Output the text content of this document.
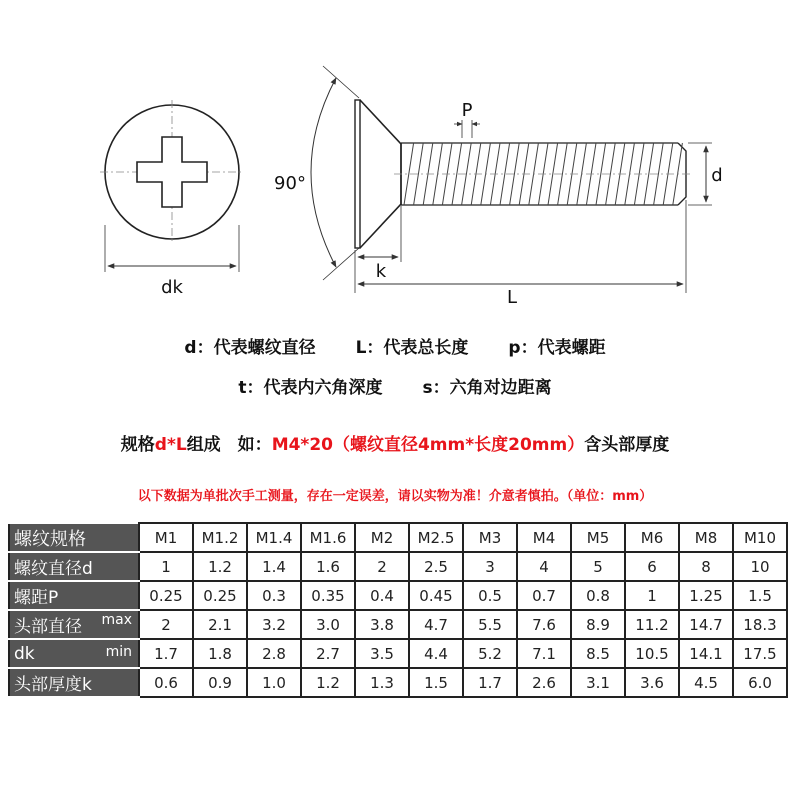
dk
90°
k
P
d
L
d：代表螺纹直径 L：代表总长度 p：代表螺距
t：代表内六角深度 s：六角对边距离
规格d*L组成　如：M4*20（螺纹直径4mm*长度20mm）含头部厚度
以下数据为单批次手工测量，存在一定误差，请以实物为准！介意者慎拍。（单位：mm）
螺纹规格	M1	M1.2	M1.4	M1.6	M2	M2.5	M3	M4	M5	M6	M8	M10
螺纹直径d	1	1.2	1.4	1.6	2	2.5	3	4	5	6	8	10
螺距P	0.25	0.25	0.3	0.35	0.4	0.45	0.5	0.7	0.8	1	1.25	1.5
头部直径 max	2	2.1	3.2	3.0	3.8	4.7	5.5	7.6	8.9	11.2	14.7	18.3
dk min	1.7	1.8	2.8	2.7	3.5	4.4	5.2	7.1	8.5	10.5	14.1	17.5
头部厚度k	0.6	0.9	1.0	1.2	1.3	1.5	1.7	2.6	3.1	3.6	4.5	6.0
